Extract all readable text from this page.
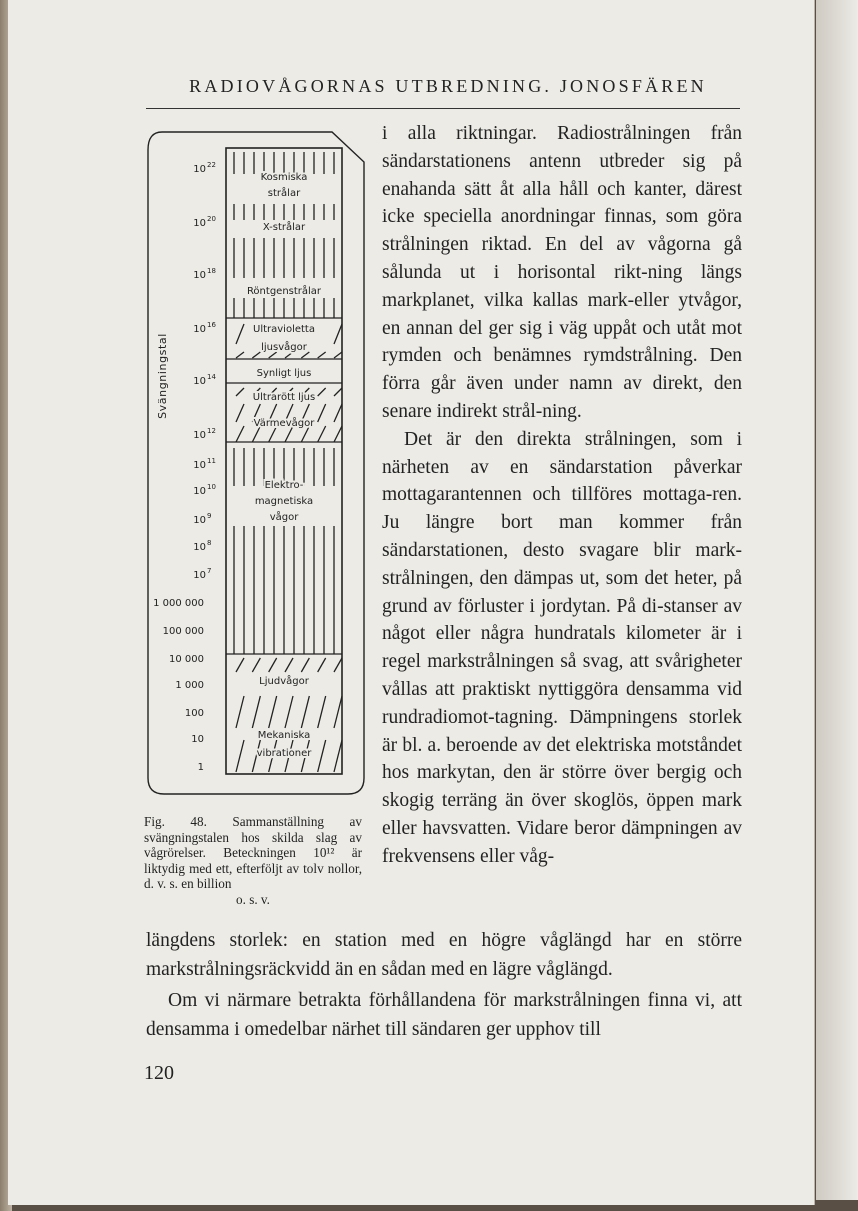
RADIOVÅGORNAS UTBREDNING. JONOSFÄREN
Kosmiska
strålar
X-strålar
Röntgenstrålar
Ultravioletta
ljusvågor
Synligt ljus
Ultrarött ljus
Värmevågor
Elektro-
magnetiska
vågor
Ljudvågor
Mekaniska
vibrationer
10 22
10 20
10 18
10 16
10 14
10 12
10 11
10 10
10 9
10 8
10 7
1 000 000
100 000
10 000
1 000
100
10
1
Svängningstal
Fig. 48. Sammanställning av svängningstalen hos skilda slag av vågrörelser. Beteckningen 10¹² är liktydig med ett, efterföljt av tolv nollor, d. v. s. en billion
o. s. v.

i alla riktningar. Radiostrålningen från sändarstationens antenn utbreder sig på enahanda sätt åt alla håll och kanter, därest icke speciella anordningar finnas, som göra strålningen riktad. En del av vågorna gå sålunda ut i horisontal rikt-ning längs markplanet, vilka kallas mark-eller ytvågor, en annan del ger sig i väg uppåt och utåt mot rymden och benämnes rymdstrålning. Den förra går även under namn av direkt, den senare indirekt strål-ning.

Det är den direkta strålningen, som i närheten av en sändarstation påverkar mottagarantennen och tillföres mottaga-ren. Ju längre bort man kommer från sändarstationen, desto svagare blir mark-strålningen, den dämpas ut, som det heter, på grund av förluster i jordytan. På di-stanser av något eller några hundratals kilometer är i regel markstrålningen så svag, att svårigheter vållas att praktiskt nyttiggöra densamma vid rundradiomot-tagning. Dämpningens storlek är bl. a. beroende av det elektriska motståndet hos markytan, den är större över bergig och skogig terräng än över skoglös, öppen mark eller havsvatten. Vidare beror dämpningen av frekvensens eller våg-

längdens storlek: en station med en högre våglängd har en större markstrålningsräckvidd än en sådan med en lägre våglängd.

Om vi närmare betrakta förhållandena för markstrålningen finna vi, att densamma i omedelbar närhet till sändaren ger upphov till

120
